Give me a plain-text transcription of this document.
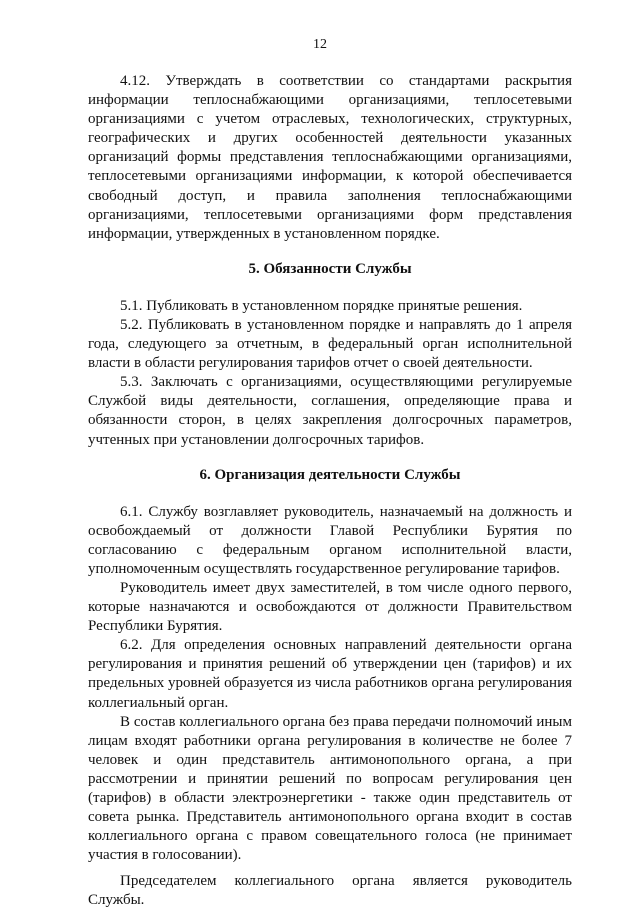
12

4.12. Утверждать в соответствии со стандартами раскрытия информации теплоснабжающими организациями, теплосетевыми организациями с учетом отраслевых, технологических, структурных, географических и других особенностей деятельности указанных организаций формы представления теплоснабжающими организациями, теплосетевыми организациями информации, к которой обеспечивается свободный доступ, и правила заполнения теплоснабжающими организациями, теплосетевыми организациями форм представления информации, утвержденных в установленном порядке.

5. Обязанности Службы

5.1. Публиковать в установленном порядке принятые решения.

5.2. Публиковать в установленном порядке и направлять до 1 апреля года, следующего за отчетным, в федеральный орган исполнительной власти в области регулирования тарифов отчет о своей деятельности.

5.3. Заключать с организациями, осуществляющими регулируемые Службой виды деятельности, соглашения, определяющие права и обязанности сторон, в целях закрепления долгосрочных параметров, учтенных при установлении долгосрочных тарифов.

6. Организация деятельности Службы

6.1. Службу возглавляет руководитель, назначаемый на должность и освобождаемый от должности Главой Республики Бурятия по согласованию с федеральным органом исполнительной власти, уполномоченным осуществлять государственное регулирование тарифов.

Руководитель имеет двух заместителей, в том числе одного первого, которые назначаются и освобождаются от должности Правительством Республики Бурятия.

6.2. Для определения основных направлений деятельности органа регулирования и принятия решений об утверждении цен (тарифов) и их предельных уровней образуется из числа работников органа регулирования коллегиальный орган.

В состав коллегиального органа без права передачи полномочий иным лицам входят работники органа регулирования в количестве не более 7 человек и один представитель антимонопольного органа, а при рассмотрении и принятии решений по вопросам регулирования цен (тарифов) в области электроэнергетики - также один представитель от совета рынка. Представитель антимонопольного органа входит в состав коллегиального органа с правом совещательного голоса (не принимает участия в голосовании).

Председателем коллегиального органа является руководитель Службы.
